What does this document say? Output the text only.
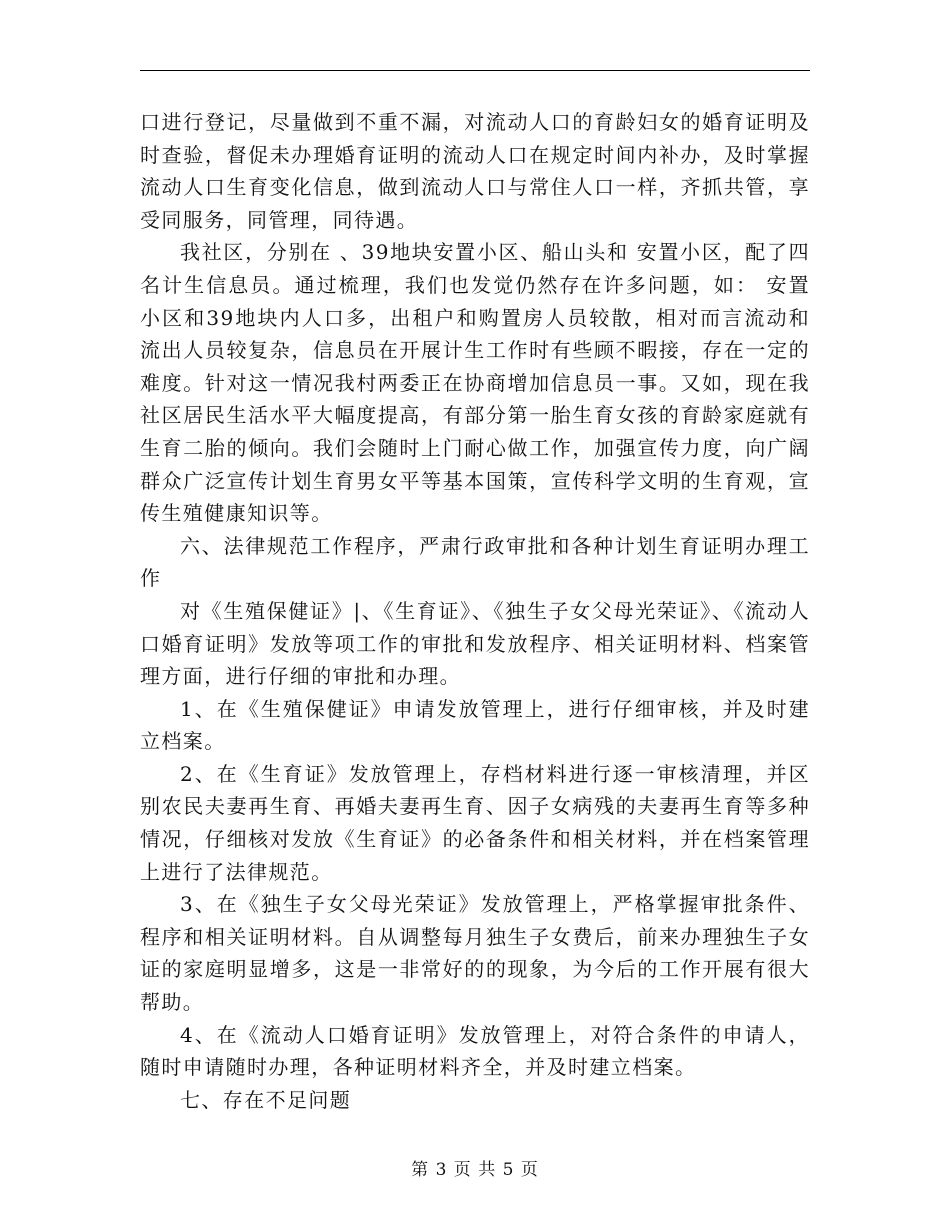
口进行登记，尽量做到不重不漏，对流动人口的育龄妇女的婚育证明及时查验，督促未办理婚育证明的流动人口在规定时间内补办，及时掌握流动人口生育变化信息，做到流动人口与常住人口一样，齐抓共管，享受同服务，同管理，同待遇。

我社区，分别在 、39地块安置小区、船山头和 安置小区，配了四名计生信息员。通过梳理，我们也发觉仍然存在许多问题，如： 安置小区和39地块内人口多，出租户和购置房人员较散，相对而言流动和流出人员较复杂，信息员在开展计生工作时有些顾不暇接，存在一定的难度。针对这一情况我村两委正在协商增加信息员一事。又如，现在我社区居民生活水平大幅度提高，有部分第一胎生育女孩的育龄家庭就有生育二胎的倾向。我们会随时上门耐心做工作，加强宣传力度，向广阔群众广泛宣传计划生育男女平等基本国策，宣传科学文明的生育观，宣传生殖健康知识等。

六、法律规范工作程序，严肃行政审批和各种计划生育证明办理工作

对《生殖保健证》|、《生育证》、《独生子女父母光荣证》、《流动人口婚育证明》发放等项工作的审批和发放程序、相关证明材料、档案管理方面，进行仔细的审批和办理。

1、在《生殖保健证》申请发放管理上，进行仔细审核，并及时建立档案。

2、在《生育证》发放管理上，存档材料进行逐一审核清理，并区别农民夫妻再生育、再婚夫妻再生育、因子女病残的夫妻再生育等多种情况，仔细核对发放《生育证》的必备条件和相关材料，并在档案管理上进行了法律规范。

3、在《独生子女父母光荣证》发放管理上，严格掌握审批条件、程序和相关证明材料。自从调整每月独生子女费后，前来办理独生子女证的家庭明显增多，这是一非常好的的现象，为今后的工作开展有很大帮助。

4、在《流动人口婚育证明》发放管理上，对符合条件的申请人，随时申请随时办理，各种证明材料齐全，并及时建立档案。

七、存在不足问题

第 3 页 共 5 页
